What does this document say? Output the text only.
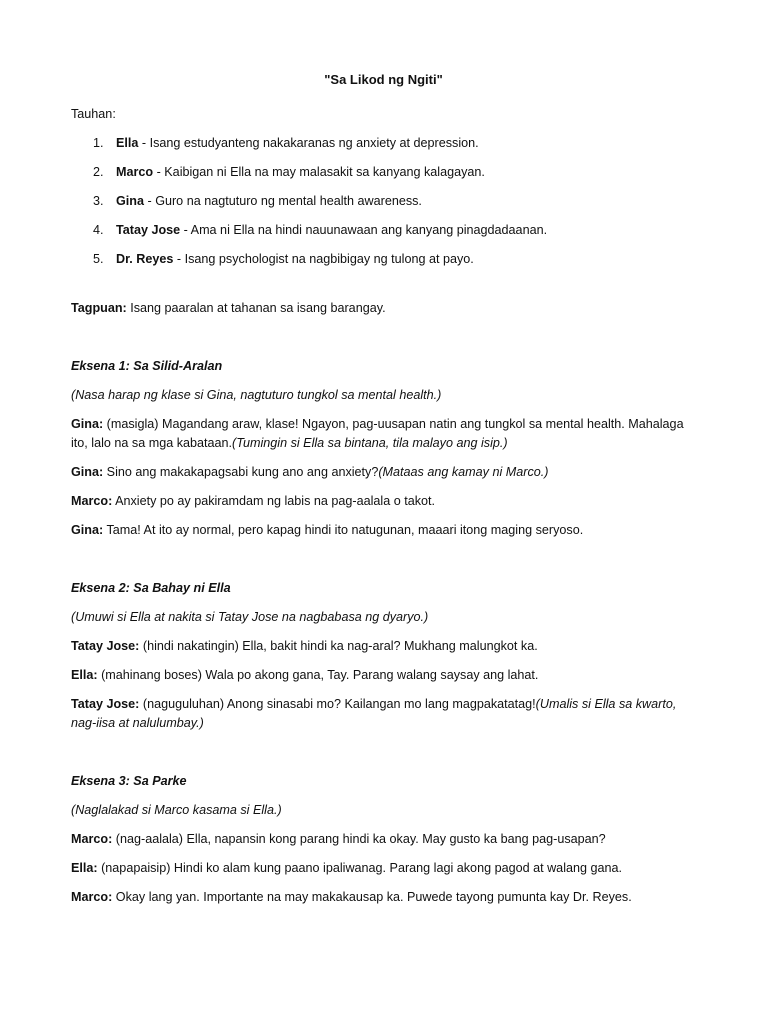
"Sa Likod ng Ngiti"

Tauhan:

1. Ella - Isang estudyanteng nakakaranas ng anxiety at depression.
2. Marco - Kaibigan ni Ella na may malasakit sa kanyang kalagayan.
3. Gina - Guro na nagtuturo ng mental health awareness.
4. Tatay Jose - Ama ni Ella na hindi nauunawaan ang kanyang pinagdadaanan.
5. Dr. Reyes - Isang psychologist na nagbibigay ng tulong at payo.

Tagpuan: Isang paaralan at tahanan sa isang barangay.

Eksena 1: Sa Silid-Aralan

(Nasa harap ng klase si Gina, nagtuturo tungkol sa mental health.)

Gina: (masigla) Magandang araw, klase! Ngayon, pag-uusapan natin ang tungkol sa mental health. Mahalaga ito, lalo na sa mga kabataan.(Tumingin si Ella sa bintana, tila malayo ang isip.)

Gina: Sino ang makakapagsabi kung ano ang anxiety?(Mataas ang kamay ni Marco.)

Marco: Anxiety po ay pakiramdam ng labis na pag-aalala o takot.

Gina: Tama! At ito ay normal, pero kapag hindi ito natugunan, maaari itong maging seryoso.

Eksena 2: Sa Bahay ni Ella

(Umuwi si Ella at nakita si Tatay Jose na nagbabasa ng dyaryo.)

Tatay Jose: (hindi nakatingin) Ella, bakit hindi ka nag-aral? Mukhang malungkot ka.

Ella: (mahinang boses) Wala po akong gana, Tay. Parang walang saysay ang lahat.

Tatay Jose: (naguguluhan) Anong sinasabi mo? Kailangan mo lang magpakatatag!(Umalis si Ella sa kwarto, nag-iisa at nalulumbay.)

Eksena 3: Sa Parke

(Naglalakad si Marco kasama si Ella.)

Marco: (nag-aalala) Ella, napansin kong parang hindi ka okay. May gusto ka bang pag-usapan?

Ella: (napapaisip) Hindi ko alam kung paano ipaliwanag. Parang lagi akong pagod at walang gana.

Marco: Okay lang yan. Importante na may makakausap ka. Puwede tayong pumunta kay Dr. Reyes.
